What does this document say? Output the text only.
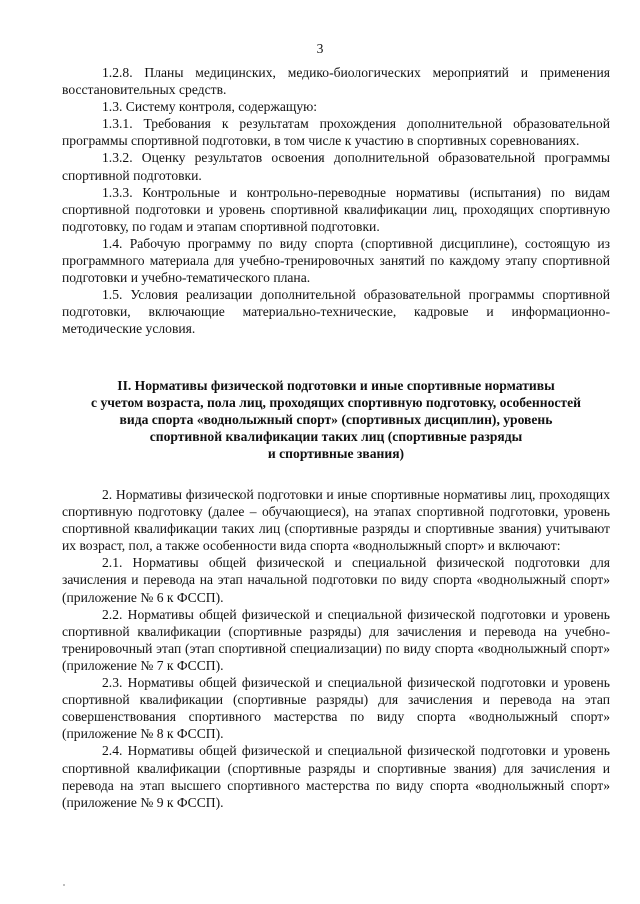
3

1.2.8. Планы медицинских, медико-биологических мероприятий и применения восстановительных средств.

1.3. Систему контроля, содержащую:

1.3.1. Требования к результатам прохождения дополнительной образовательной программы спортивной подготовки, в том числе к участию в спортивных соревнованиях.

1.3.2. Оценку результатов освоения дополнительной образовательной программы спортивной подготовки.

1.3.3. Контрольные и контрольно-переводные нормативы (испытания) по видам спортивной подготовки и уровень спортивной квалификации лиц, проходящих спортивную подготовку, по годам и этапам спортивной подготовки.

1.4. Рабочую программу по виду спорта (спортивной дисциплине), состоящую из программного материала для учебно-тренировочных занятий по каждому этапу спортивной подготовки и учебно-тематического плана.

1.5. Условия реализации дополнительной образовательной программы спортивной подготовки, включающие материально-технические, кадровые и информационно-методические условия.

II. Нормативы физической подготовки и иные спортивные нормативы
с учетом возраста, пола лиц, проходящих спортивную подготовку, особенностей
вида спорта «воднолыжный спорт» (спортивных дисциплин), уровень
спортивной квалификации таких лиц (спортивные разряды
и спортивные звания)

2. Нормативы физической подготовки и иные спортивные нормативы лиц, проходящих спортивную подготовку (далее – обучающиеся), на этапах спортивной подготовки, уровень спортивной квалификации таких лиц (спортивные разряды и спортивные звания) учитывают их возраст, пол, а также особенности вида спорта «воднолыжный спорт» и включают:

2.1. Нормативы общей физической и специальной физической подготовки для зачисления и перевода на этап начальной подготовки по виду спорта «воднолыжный спорт» (приложение № 6 к ФССП).

2.2. Нормативы общей физической и специальной физической подготовки и уровень спортивной квалификации (спортивные разряды) для зачисления и перевода на учебно-тренировочный этап (этап спортивной специализации) по виду спорта «воднолыжный спорт» (приложение № 7 к ФССП).

2.3. Нормативы общей физической и специальной физической подготовки и уровень спортивной квалификации (спортивные разряды) для зачисления и перевода на этап совершенствования спортивного мастерства по виду спорта «воднолыжный спорт» (приложение № 8 к ФССП).

2.4. Нормативы общей физической и специальной физической подготовки и уровень спортивной квалификации (спортивные разряды и спортивные звания) для зачисления и перевода на этап высшего спортивного мастерства по виду спорта «воднолыжный спорт» (приложение № 9 к ФССП).
